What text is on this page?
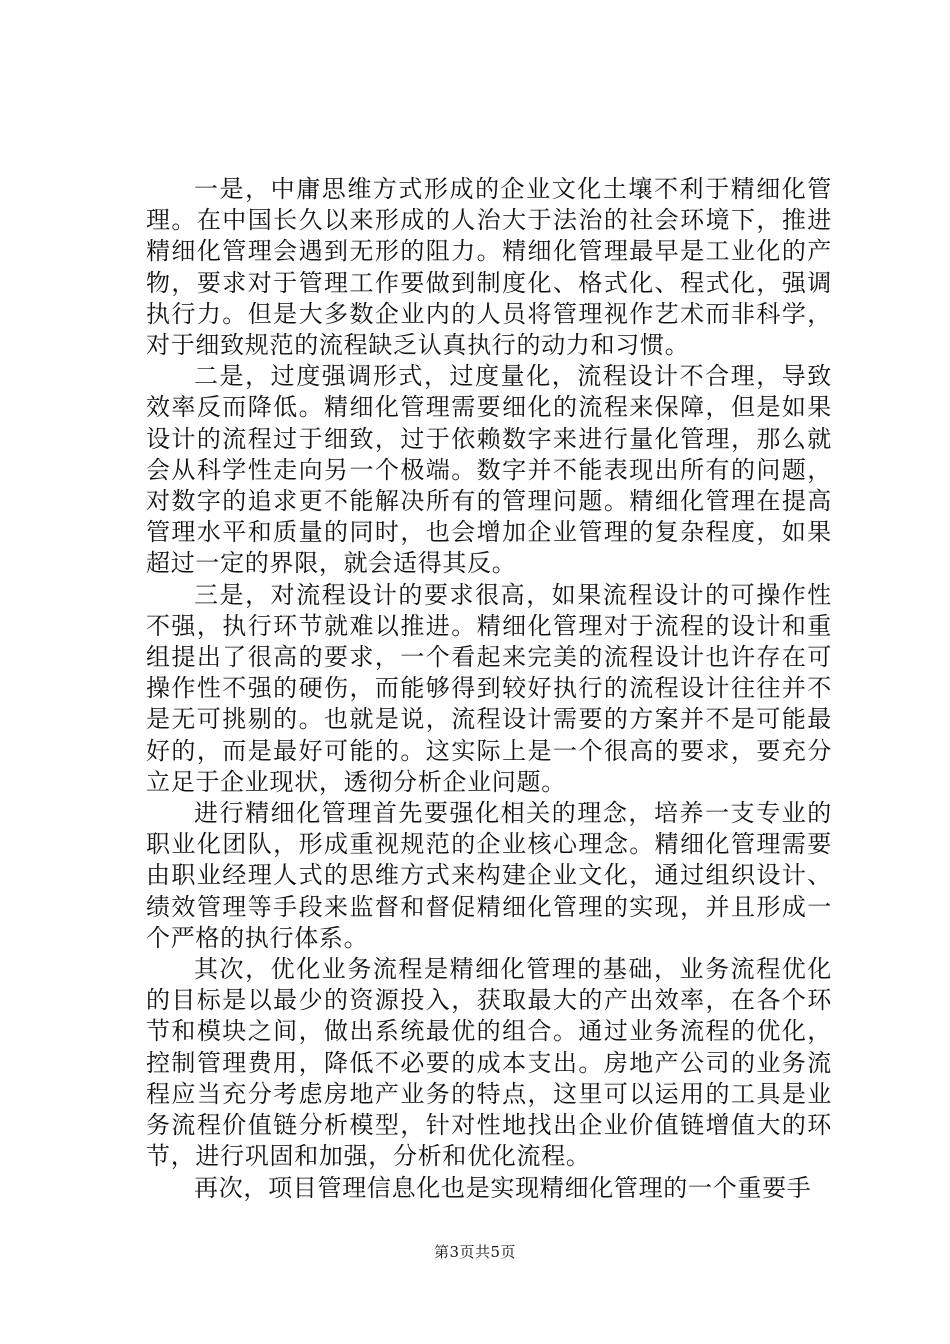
一是，中庸思维方式形成的企业文化土壤不利于精细化管理。在中国长久以来形成的人治大于法治的社会环境下，推进精细化管理会遇到无形的阻力。精细化管理最早是工业化的产物，要求对于管理工作要做到制度化、格式化、程式化，强调执行力。但是大多数企业内的人员将管理视作艺术而非科学，对于细致规范的流程缺乏认真执行的动力和习惯。

二是，过度强调形式，过度量化，流程设计不合理，导致效率反而降低。精细化管理需要细化的流程来保障，但是如果设计的流程过于细致，过于依赖数字来进行量化管理，那么就会从科学性走向另一个极端。数字并不能表现出所有的问题，对数字的追求更不能解决所有的管理问题。精细化管理在提高管理水平和质量的同时，也会增加企业管理的复杂程度，如果超过一定的界限，就会适得其反。

三是，对流程设计的要求很高，如果流程设计的可操作性不强，执行环节就难以推进。精细化管理对于流程的设计和重组提出了很高的要求，一个看起来完美的流程设计也许存在可操作性不强的硬伤，而能够得到较好执行的流程设计往往并不是无可挑剔的。也就是说，流程设计需要的方案并不是可能最好的，而是最好可能的。这实际上是一个很高的要求，要充分立足于企业现状，透彻分析企业问题。

进行精细化管理首先要强化相关的理念，培养一支专业的职业化团队，形成重视规范的企业核心理念。精细化管理需要由职业经理人式的思维方式来构建企业文化，通过组织设计、绩效管理等手段来监督和督促精细化管理的实现，并且形成一个严格的执行体系。

其次，优化业务流程是精细化管理的基础，业务流程优化的目标是以最少的资源投入，获取最大的产出效率，在各个环节和模块之间，做出系统最优的组合。通过业务流程的优化，控制管理费用，降低不必要的成本支出。房地产公司的业务流程应当充分考虑房地产业务的特点，这里可以运用的工具是业务流程价值链分析模型，针对性地找出企业价值链增值大的环节，进行巩固和加强，分析和优化流程。

再次，项目管理信息化也是实现精细化管理的一个重要手

第3页共5页
